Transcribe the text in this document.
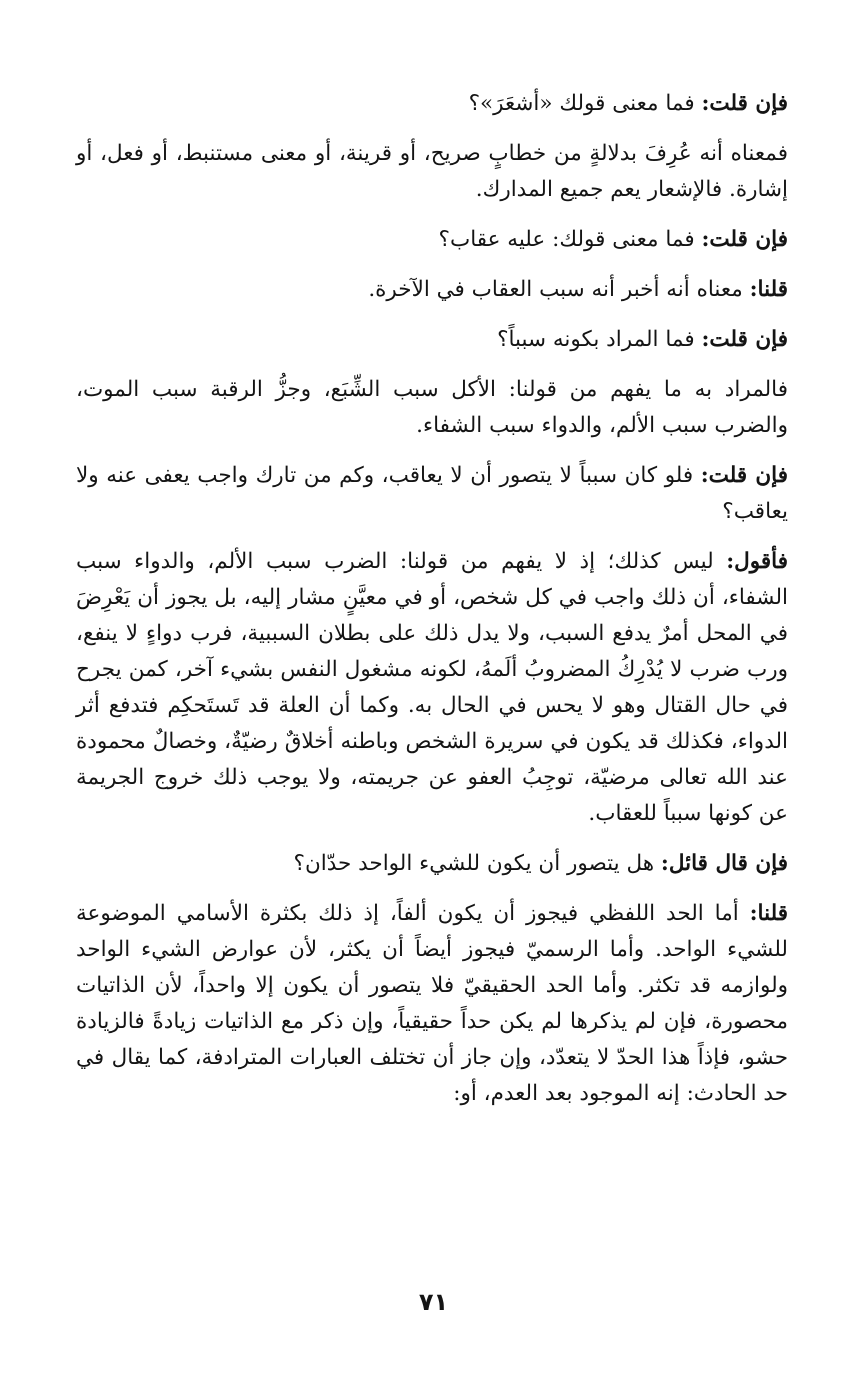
فإن قلت: فما معنى قولك «أشعَرَ»؟

فمعناه أنه عُرِفَ بدلالةٍ من خطابٍ صريح، أو قرينة، أو معنى مستنبط، أو فعل، أو إشارة. فالإشعار يعم جميع المدارك.

فإن قلت: فما معنى قولك: عليه عقاب؟

قلنا: معناه أنه أخبر أنه سبب العقاب في الآخرة.

فإن قلت: فما المراد بكونه سبباً؟

فالمراد به ما يفهم من قولنا: الأكل سبب الشِّبَع، وجزُّ الرقبة سبب الموت، والضرب سبب الألم، والدواء سبب الشفاء.

فإن قلت: فلو كان سبباً لا يتصور أن لا يعاقب، وكم من تارك واجب يعفى عنه ولا يعاقب؟

فأقول: ليس كذلك؛ إذ لا يفهم من قولنا: الضرب سبب الألم، والدواء سبب الشفاء، أن ذلك واجب في كل شخص، أو في معيَّنٍ مشار إليه، بل يجوز أن يَعْرِضَ في المحل أمرٌ يدفع السبب، ولا يدل ذلك على بطلان السببية، فرب دواءٍ لا ينفع، ورب ضرب لا يُدْرِكُ المضروبُ ألَمهُ، لكونه مشغول النفس بشيء آخر، كمن يجرح في حال القتال وهو لا يحس في الحال به. وكما أن العلة قد تَستَحكِم فتدفع أثر الدواء، فكذلك قد يكون في سريرة الشخص وباطنه أخلاقٌ رضيّةٌ، وخصالٌ محمودة عند الله تعالى مرضيّة، توجِبُ العفو عن جريمته، ولا يوجب ذلك خروج الجريمة عن كونها سبباً للعقاب.

فإن قال قائل: هل يتصور أن يكون للشيء الواحد حدّان؟

قلنا: أما الحد اللفظي فيجوز أن يكون ألفاً، إذ ذلك بكثرة الأسامي الموضوعة للشيء الواحد. وأما الرسميّ فيجوز أيضاً أن يكثر، لأن عوارض الشيء الواحد ولوازمه قد تكثر. وأما الحد الحقيقيّ فلا يتصور أن يكون إلا واحداً، لأن الذاتيات محصورة، فإن لم يذكرها لم يكن حداً حقيقياً، وإن ذكر مع الذاتيات زيادةً فالزيادة حشو، فإذاً هذا الحدّ لا يتعدّد، وإن جاز أن تختلف العبارات المترادفة، كما يقال في حد الحادث: إنه الموجود بعد العدم، أو:

٧١
